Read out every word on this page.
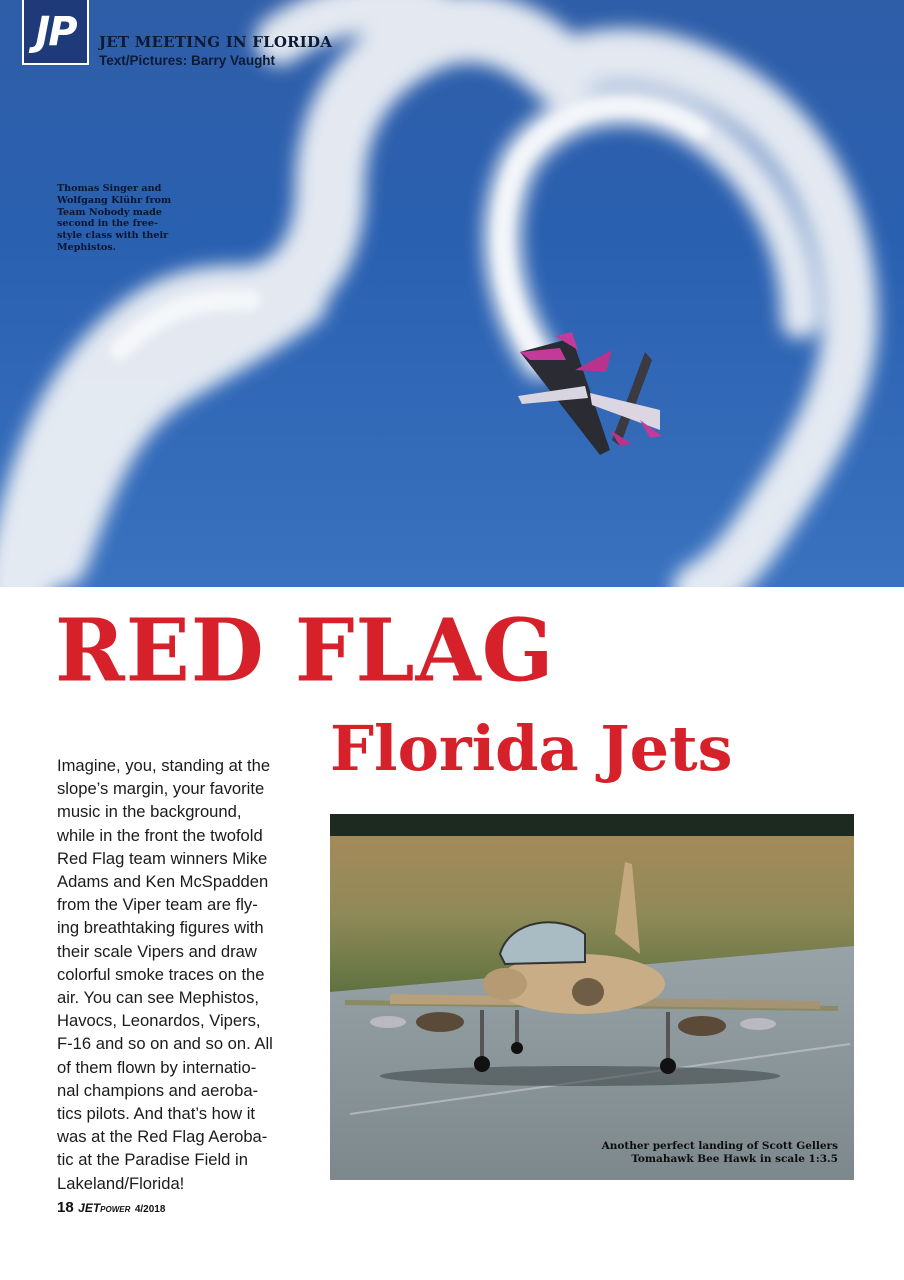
JP JET MEETING IN FLORIDA
Text/Pictures: Barry Vaught
Thomas Singer and
Wolfgang Klühr from
Team Nobody made
second in the free-
style class with their
Mephistos.
RED FLAG
Florida Jets
Imagine, you, standing at the
slope’s margin, your favorite
music in the background,
while in the front the twofold
Red Flag team winners Mike
Adams and Ken McSpadden
from the Viper team are fly-
ing breathtaking figures with
their scale Vipers and draw
colorful smoke traces on the
air. You can see Mephistos,
Havocs, Leonardos, Vipers,
F-16 and so on and so on. All
of them flown by internatio-
nal champions and aeroba-
tics pilots. And that’s how it
was at the Red Flag Aeroba-
tic at the Paradise Field in
Lakeland/Florida!
Another perfect landing of Scott Gellers
Tomahawk Bee Hawk in scale 1:3.5
18 JETPOWER 4/2018
